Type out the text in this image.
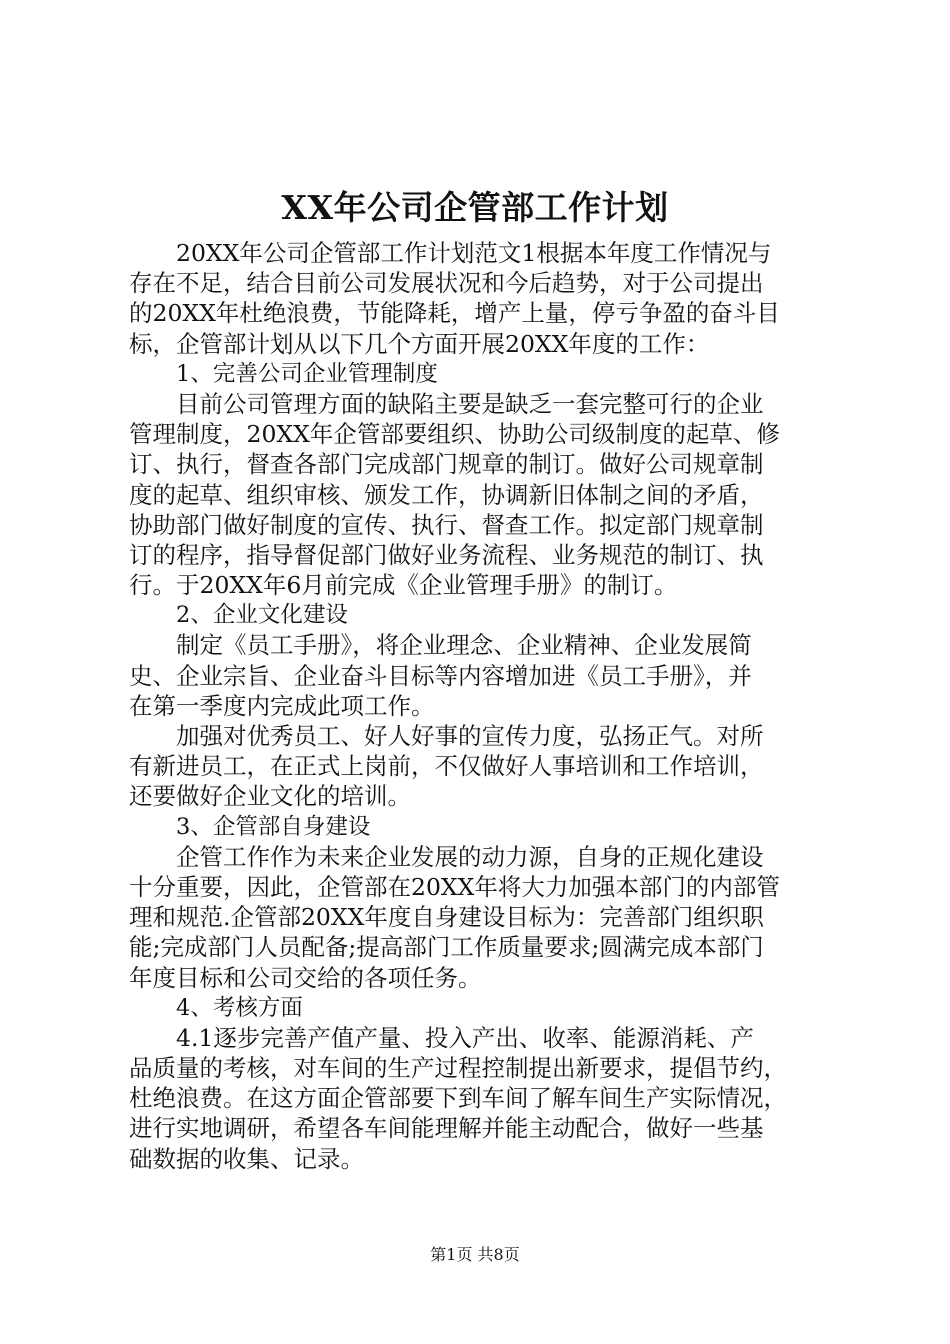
XX年公司企管部工作计划
20XX年公司企管部工作计划范文1根据本年度工作情况与
存在不足，结合目前公司发展状况和今后趋势，对于公司提出
的20XX年杜绝浪费，节能降耗，增产上量，停亏争盈的奋斗目
标，企管部计划从以下几个方面开展20XX年度的工作：
1、完善公司企业管理制度
目前公司管理方面的缺陷主要是缺乏一套完整可行的企业
管理制度，20XX年企管部要组织、协助公司级制度的起草、修
订、执行，督查各部门完成部门规章的制订。做好公司规章制
度的起草、组织审核、颁发工作，协调新旧体制之间的矛盾，
协助部门做好制度的宣传、执行、督查工作。拟定部门规章制
订的程序，指导督促部门做好业务流程、业务规范的制订、执
行。于20XX年6月前完成《企业管理手册》的制订。
2、企业文化建设
制定《员工手册》，将企业理念、企业精神、企业发展简
史、企业宗旨、企业奋斗目标等内容增加进《员工手册》，并
在第一季度内完成此项工作。
加强对优秀员工、好人好事的宣传力度，弘扬正气。对所
有新进员工，在正式上岗前，不仅做好人事培训和工作培训，
还要做好企业文化的培训。
3、企管部自身建设
企管工作作为未来企业发展的动力源，自身的正规化建设
十分重要，因此，企管部在20XX年将大力加强本部门的内部管
理和规范.企管部20XX年度自身建设目标为：完善部门组织职
能;完成部门人员配备;提高部门工作质量要求;圆满完成本部门
年度目标和公司交给的各项任务。
4、考核方面
4.1逐步完善产值产量、投入产出、收率、能源消耗、产
品质量的考核，对车间的生产过程控制提出新要求，提倡节约，
杜绝浪费。在这方面企管部要下到车间了解车间生产实际情况，
进行实地调研，希望各车间能理解并能主动配合，做好一些基
础数据的收集、记录。
第1页 共8页
